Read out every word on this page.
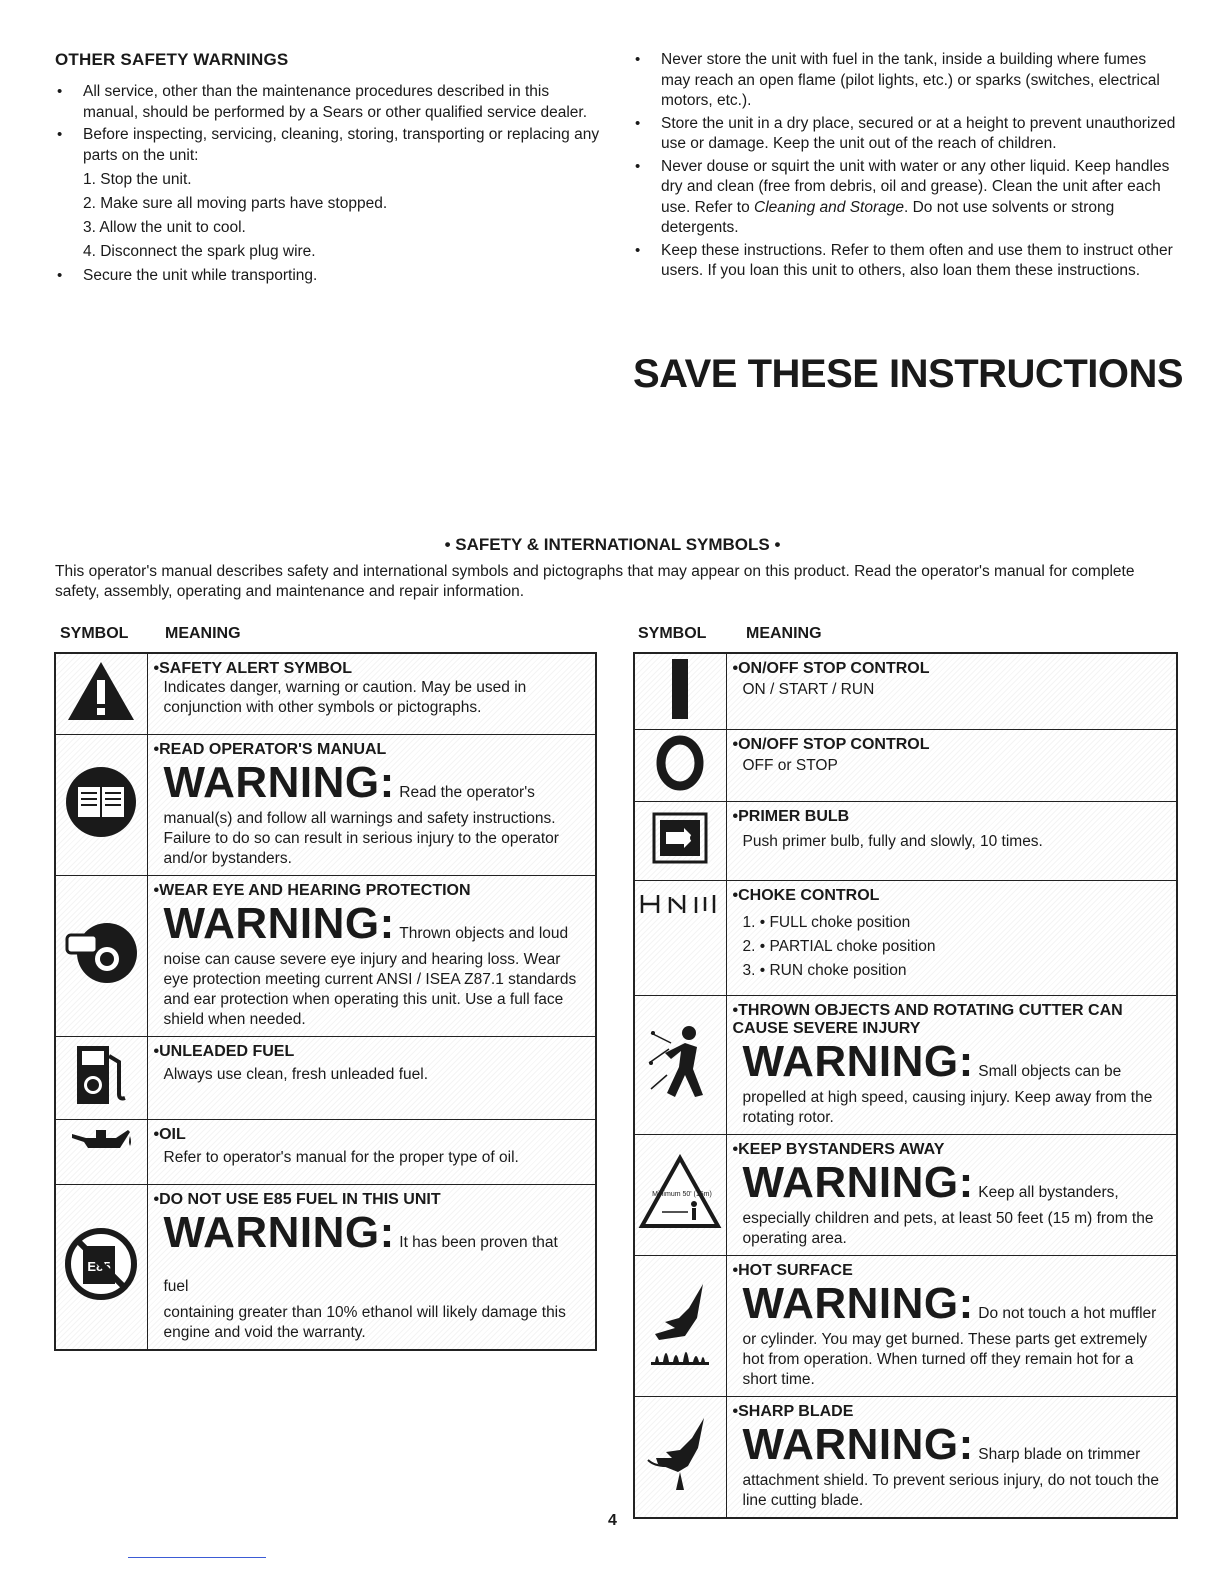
OTHER SAFETY WARNINGS
• All service, other than the maintenance procedures described in this manual, should be performed by a Sears or other qualified service dealer.
• Before inspecting, servicing, cleaning, storing, transporting or replacing any parts on the unit:
1. Stop the unit.
2. Make sure all moving parts have stopped.
3. Allow the unit to cool.
4. Disconnect the spark plug wire.
• Secure the unit while transporting.
• Never store the unit with fuel in the tank, inside a building where fumes may reach an open flame (pilot lights, etc.) or sparks (switches, electrical motors, etc.).
• Store the unit in a dry place, secured or at a height to prevent unauthorized use or damage. Keep the unit out of the reach of children.
• Never douse or squirt the unit with water or any other liquid. Keep handles dry and clean (free from debris, oil and grease). Clean the unit after each use. Refer to Cleaning and Storage. Do not use solvents or strong detergents.
• Keep these instructions. Refer to them often and use them to instruct other users. If you loan this unit to others, also loan them these instructions.
SAVE THESE INSTRUCTIONS
• SAFETY & INTERNATIONAL SYMBOLS •
This operator's manual describes safety and international symbols and pictographs that may appear on this product. Read the operator's manual for complete safety, assembly, operating and maintenance and repair information.
SYMBOL MEANING	SYMBOL MEANING

• SAFETY ALERT SYMBOL
Indicates danger, warning or caution. May be used in conjunction with other symbols or pictographs.

• READ OPERATOR'S MANUAL
WARNING: Read the operator's
manual(s) and follow all warnings and safety instructions. Failure to do so can result in serious injury to the operator and/or bystanders.

• WEAR EYE AND HEARING PROTECTION
WARNING: Thrown objects and loud
noise can cause severe eye injury and hearing loss. Wear eye protection meeting current ANSI / ISEA Z87.1 standards and ear protection when operating this unit. Use a full face shield when needed.

• UNLEADED FUEL
Always use clean, fresh unleaded fuel.

• OIL
Refer to operator's manual for the proper type of oil.

E85	• DO NOT USE E85 FUEL IN THIS UNIT
WARNING: It has been proven that fuel
containing greater than 10% ethanol will likely damage this engine and void the warranty.

• ON/OFF STOP CONTROL
ON / START / RUN

• ON/OFF STOP CONTROL
OFF or STOP

• PRIMER BULB
Push primer bulb, fully and slowly, 10 times.

• CHOKE CONTROL
1. • FULL choke position
2. • PARTIAL choke position
3. • RUN choke position

• THROWN OBJECTS AND ROTATING CUTTER CAN CAUSE SEVERE INJURY
WARNING: Small objects can be
propelled at high speed, causing injury. Keep away from the rotating rotor.

Minimum 50' (15m)	• KEEP BYSTANDERS AWAY
WARNING: Keep all bystanders,
especially children and pets, at least 50 feet (15 m) from the operating area.

• HOT SURFACE
WARNING: Do not touch a hot muffler
or cylinder. You may get burned. These parts get extremely hot from operation. When turned off they remain hot for a short time.

• SHARP BLADE
WARNING: Sharp blade on trimmer
attachment shield. To prevent serious injury, do not touch the line cutting blade.
4
